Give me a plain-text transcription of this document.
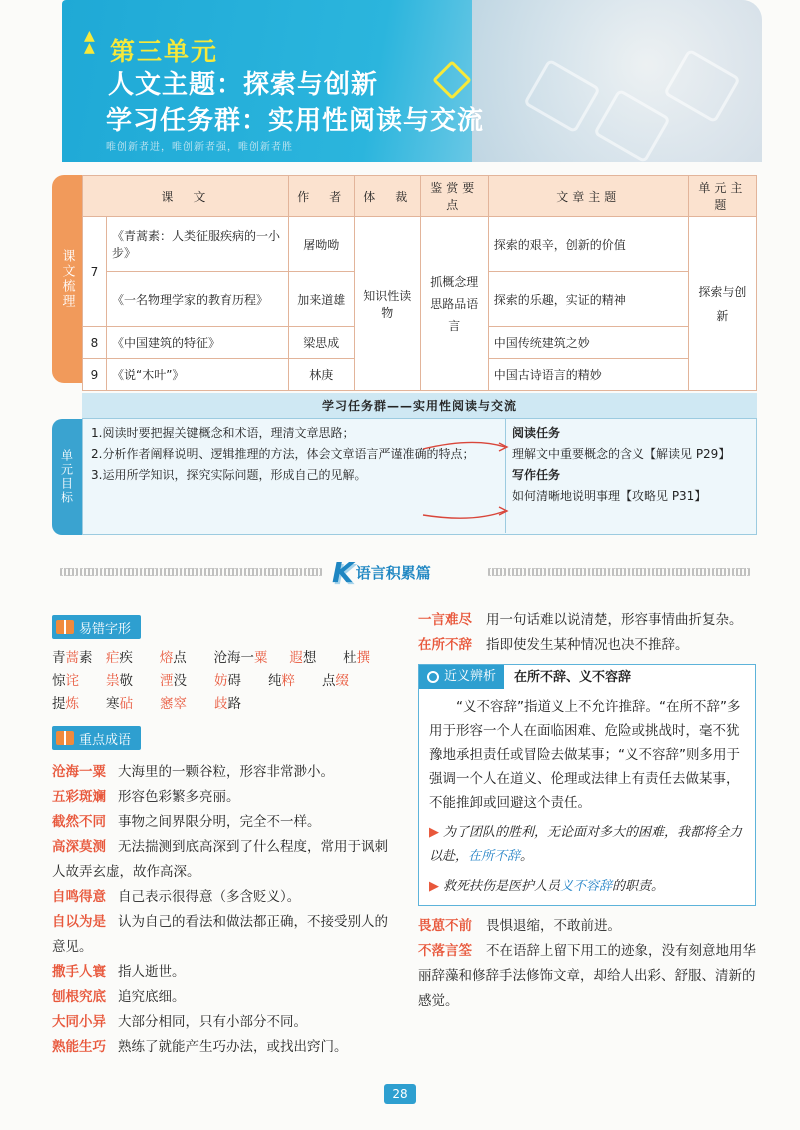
▲
▲ 第三单元
人文主题：探索与创新
学习任务群：实用性阅读与交流
唯创新者进，唯创新者强，唯创新者胜
课文梳理
课　文		作　者	体　裁	鉴赏要点	文章主题	单元主题
7	《青蒿素：人类征服疾病的一小步》	屠呦呦	知识性读物	抓概念理思路品语言	探索的艰辛，创新的价值	探索与创新
	《一名物理学家的教育历程》	加来道雄			探索的乐趣，实证的精神	
8	《中国建筑的特征》	梁思成			中国传统建筑之妙	
9	《说“木叶”》	林庚			中国古诗语言的精妙	
学习任务群——实用性阅读与交流
单元目标
1.阅读时要把握关键概念和术语，理清文章思路；
2.分析作者阐释说明、逻辑推理的方法，体会文章语言严谨准确的特点；
3.运用所学知识，探究实际问题，形成自己的见解。
阅读任务
理解文中重要概念的含义【解读见 P29】
写作任务
如何清晰地说明事理【攻略见 P31】
K 语言积累篇
易错字形
青蒿素 疟疾	熔点	沧海一粟	遐想	杜撰
惊诧	祟敬	湮没	妨碍	纯粹	点缀
提炼	寒砧	窸窣	歧路
重点成语
沧海一粟 大海里的一颗谷粒，形容非常渺小。
五彩斑斓 形容色彩繁多亮丽。
截然不同 事物之间界限分明，完全不一样。
高深莫测 无法揣测到底高深到了什么程度，常用于讽刺人故弄玄虚，故作高深。
自鸣得意 自己表示很得意（多含贬义）。
自以为是 认为自己的看法和做法都正确，不接受别人的意见。
撒手人寰 指人逝世。
刨根究底 追究底细。
大同小异 大部分相同，只有小部分不同。
熟能生巧 熟练了就能产生巧办法，或找出窍门。
一言难尽 用一句话难以说清楚，形容事情曲折复杂。
在所不辞 指即使发生某种情况也决不推辞。
近义辨析 在所不辞、义不容辞
“义不容辞”指道义上不允许推辞。“在所不辞”多用于形容一个人在面临困难、危险或挑战时，毫不犹豫地承担责任或冒险去做某事；“义不容辞”则多用于强调一个人在道义、伦理或法律上有责任去做某事，不能推卸或回避这个责任。
▶ 为了团队的胜利，无论面对多大的困难，我都将全力以赴，在所不辞。
▶ 救死扶伤是医护人员义不容辞的职责。
畏葸不前 畏惧退缩，不敢前进。
不落言筌 不在语辞上留下用工的迹象，没有刻意地用华丽辞藻和修辞手法修饰文章，却给人出彩、舒服、清新的感觉。
28
